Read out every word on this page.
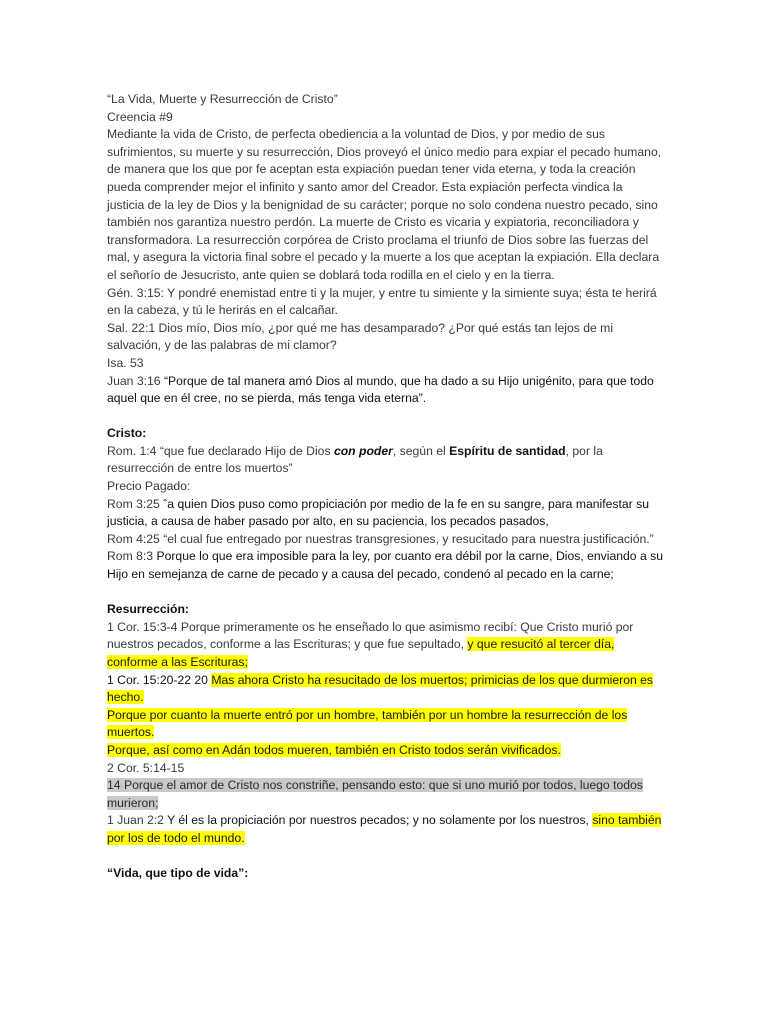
“La Vida, Muerte y Resurrección de Cristo”

Creencia #9

Mediante la vida de Cristo, de perfecta obediencia a la voluntad de Dios, y por medio de sus sufrimientos, su muerte y su resurrección, Dios proveyó el único medio para expiar el pecado humano, de manera que los que por fe aceptan esta expiación puedan tener vida eterna, y toda la creación pueda comprender mejor el infinito y santo amor del Creador. Esta expiación perfecta vindica la justicia de la ley de Dios y la benignidad de su carácter; porque no solo condena nuestro pecado, sino también nos garantiza nuestro perdón. La muerte de Cristo es vicaria y expiatoria, reconciliadora y transformadora. La resurrección corpórea de Cristo proclama el triunfo de Dios sobre las fuerzas del mal, y asegura la victoria final sobre el pecado y la muerte a los que aceptan la expiación. Ella declara el señorío de Jesucristo, ante quien se doblará toda rodilla en el cielo y en la tierra.

Gén. 3:15: Y pondré enemistad entre ti y la mujer, y entre tu simiente y la simiente suya; ésta te herirá en la cabeza, y tú le herirás en el calcañar.

Sal. 22:1 Dios mío, Dios mío, ¿por qué me has desamparado? ¿Por qué estás tan lejos de mi salvación, y de las palabras de mi clamor?

Isa. 53

Juan 3:16 “Porque de tal manera amó Dios al mundo, que ha dado a su Hijo unigénito, para que todo aquel que en él cree, no se pierda, más tenga vida eterna”.

Cristo:

Rom. 1:4 “que fue declarado Hijo de Dios con poder, según el Espíritu de santidad, por la resurrección de entre los muertos”

Precio Pagado:

Rom 3:25 ˆa quien Dios puso como propiciación por medio de la fe en su sangre, para manifestar su justicia, a causa de haber pasado por alto, en su paciencia, los pecados pasados,

Rom 4:25 “el cual fue entregado por nuestras transgresiones, y resucitado para nuestra justificación.”

Rom 8:3 Porque lo que era imposible para la ley, por cuanto era débil por la carne, Dios, enviando a su Hijo en semejanza de carne de pecado y a causa del pecado, condenó al pecado en la carne;

Resurrección:

1 Cor. 15:3-4 Porque primeramente os he enseñado lo que asimismo recibí: Que Cristo murió por nuestros pecados, conforme a las Escrituras; y que fue sepultado, y que resucitó al tercer día, conforme a las Escrituras;

1 Cor. 15:20-22 20 Mas ahora Cristo ha resucitado de los muertos; primicias de los que durmieron es hecho.

Porque por cuanto la muerte entró por un hombre, también por un hombre la resurrección de los muertos.

Porque, así como en Adán todos mueren, también en Cristo todos serán vivificados.

2 Cor. 5:14-15

14 Porque el amor de Cristo nos constriñe, pensando esto: que si uno murió por todos, luego todos murieron;

1 Juan 2:2 Y él es la propiciación por nuestros pecados; y no solamente por los nuestros, sino también por los de todo el mundo.

“Vida, que tipo de vida”:
